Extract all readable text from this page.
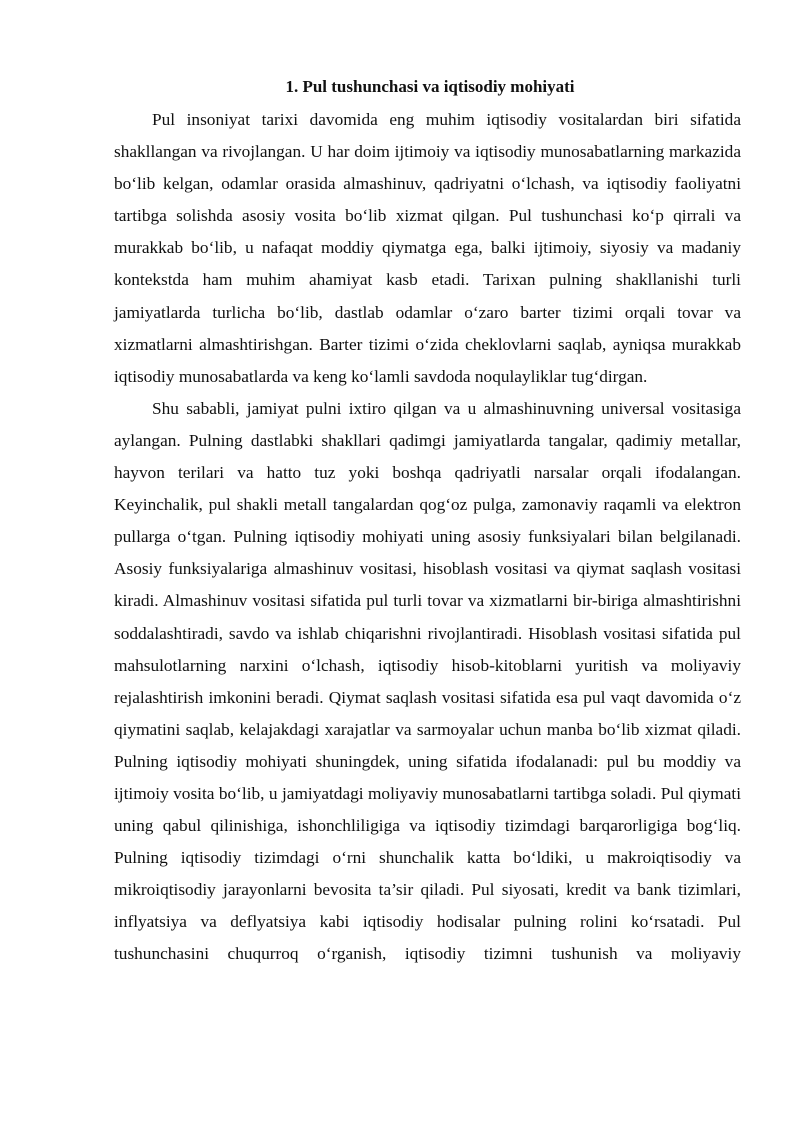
1. Pul tushunchasi va iqtisodiy mohiyati

Pul insoniyat tarixi davomida eng muhim iqtisodiy vositalardan biri sifatida shakllangan va rivojlangan. U har doim ijtimoiy va iqtisodiy munosabatlarning markazida bo‘lib kelgan, odamlar orasida almashinuv, qadriyatni o‘lchash, va iqtisodiy faoliyatni tartibga solishda asosiy vosita bo‘lib xizmat qilgan. Pul tushunchasi ko‘p qirrali va murakkab bo‘lib, u nafaqat moddiy qiymatga ega, balki ijtimoiy, siyosiy va madaniy kontekstda ham muhim ahamiyat kasb etadi. Tarixan pulning shakllanishi turli jamiyatlarda turlicha bo‘lib, dastlab odamlar o‘zaro barter tizimi orqali tovar va xizmatlarni almashtirishgan. Barter tizimi o‘zida cheklovlarni saqlab, ayniqsa murakkab iqtisodiy munosabatlarda va keng ko‘lamli savdoda noqulayliklar tug‘dirgan.

Shu sababli, jamiyat pulni ixtiro qilgan va u almashinuvning universal vositasiga aylangan. Pulning dastlabki shakllari qadimgi jamiyatlarda tangalar, qadimiy metallar, hayvon terilari va hatto tuz yoki boshqa qadriyatli narsalar orqali ifodalangan. Keyinchalik, pul shakli metall tangalardan qog‘oz pulga, zamonaviy raqamli va elektron pullarga o‘tgan. Pulning iqtisodiy mohiyati uning asosiy funksiyalari bilan belgilanadi. Asosiy funksiyalariga almashinuv vositasi, hisoblash vositasi va qiymat saqlash vositasi kiradi. Almashinuv vositasi sifatida pul turli tovar va xizmatlarni bir-biriga almashtirishni soddalashtiradi, savdo va ishlab chiqarishni rivojlantiradi. Hisoblash vositasi sifatida pul mahsulotlarning narxini o‘lchash, iqtisodiy hisob-kitoblarni yuritish va moliyaviy rejalashtirish imkonini beradi. Qiymat saqlash vositasi sifatida esa pul vaqt davomida o‘z qiymatini saqlab, kelajakdagi xarajatlar va sarmoyalar uchun manba bo‘lib xizmat qiladi. Pulning iqtisodiy mohiyati shuningdek, uning sifatida ifodalanadi: pul bu moddiy va ijtimoiy vosita bo‘lib, u jamiyatdagi moliyaviy munosabatlarni tartibga soladi. Pul qiymati uning qabul qilinishiga, ishonchliligiga va iqtisodiy tizimdagi barqarorligiga bog‘liq. Pulning iqtisodiy tizimdagi o‘rni shunchalik katta bo‘ldiki, u makroiqtisodiy va mikroiqtisodiy jarayonlarni bevosita ta’sir qiladi. Pul siyosati, kredit va bank tizimlari, inflyatsiya va deflyatsiya kabi iqtisodiy hodisalar pulning rolini ko‘rsatadi. Pul tushunchasini chuqurroq o‘rganish, iqtisodiy tizimni tushunish va moliyaviy
